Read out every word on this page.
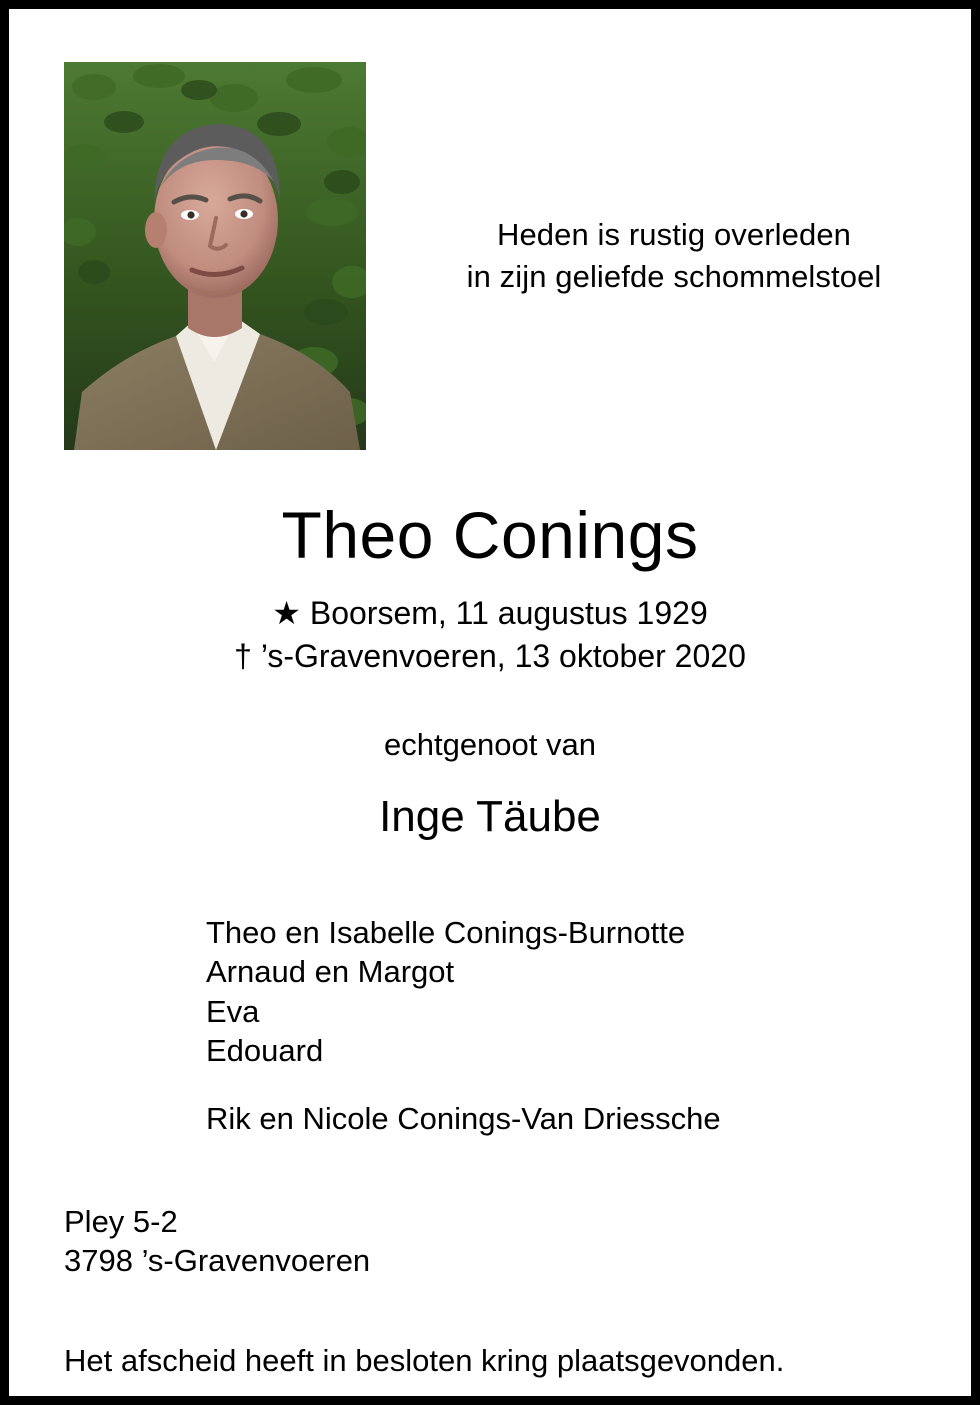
Heden is rustig overleden
in zijn geliefde schommelstoel
Theo Conings
★ Boorsem, 11 augustus 1929
† ’s-Gravenvoeren, 13 oktober 2020
echtgenoot van
Inge Täube
Theo en Isabelle Conings-Burnotte
Arnaud en Margot
Eva
Edouard
Rik en Nicole Conings-Van Driessche
Pley 5-2
3798 ’s-Gravenvoeren
Het afscheid heeft in besloten kring plaatsgevonden.
